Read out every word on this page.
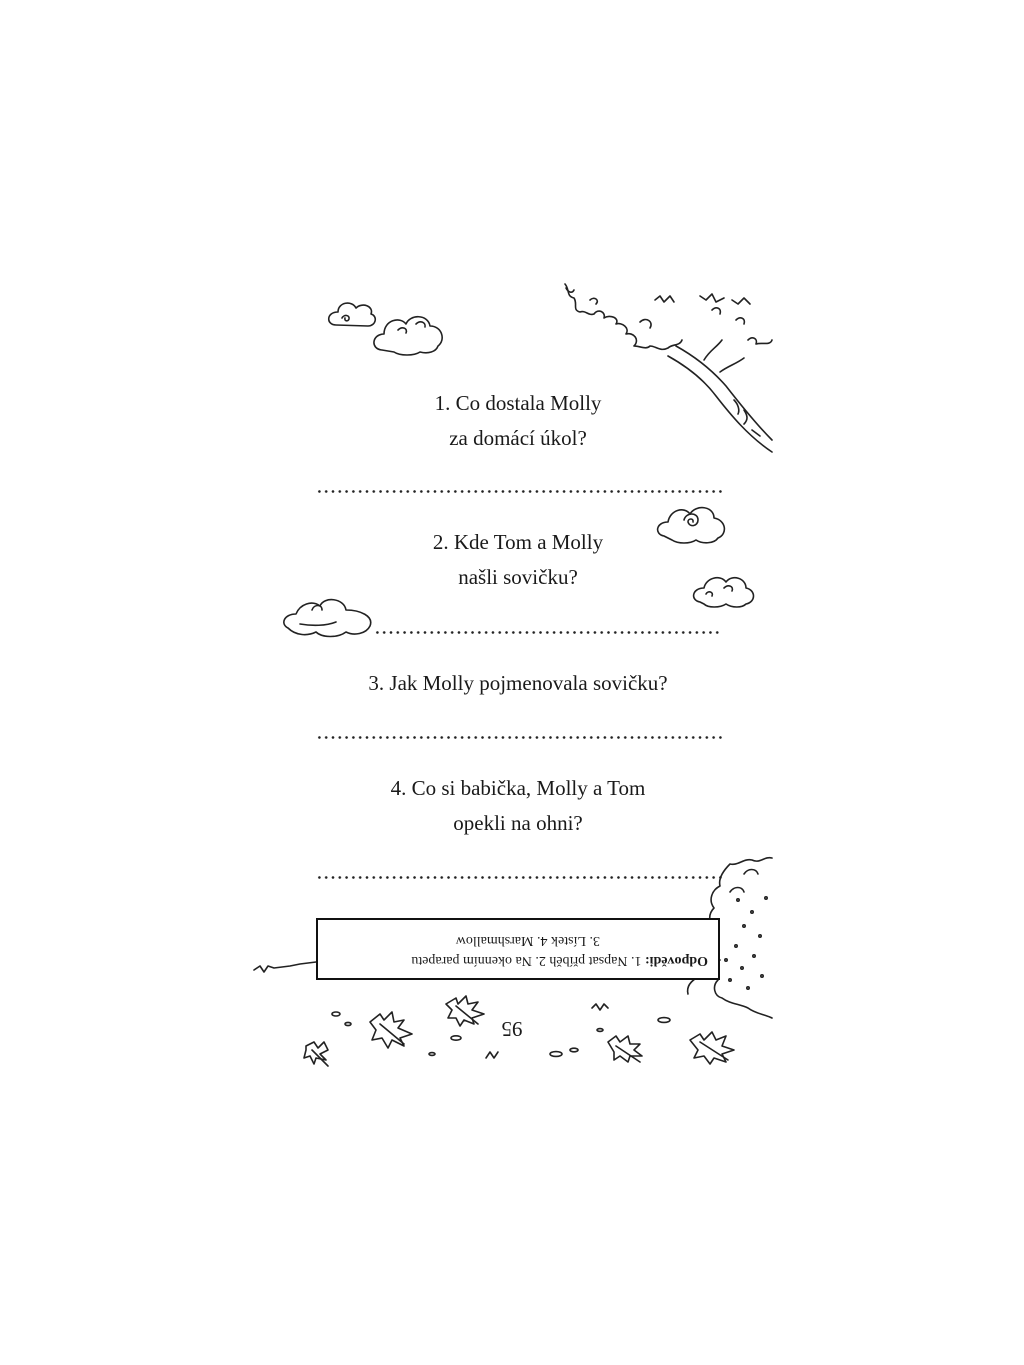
1. Co dostala Molly
za domácí úkol?

2. Kde Tom a Molly
našli sovičku?

3. Jak Molly pojmenovala sovičku?

4. Co si babička, Molly a Tom
opekli na ohni?

Odpovědi: 1. Napsat příběh 2. Na okenním parapetu
3. Lístek 4. Marshmallow
95
